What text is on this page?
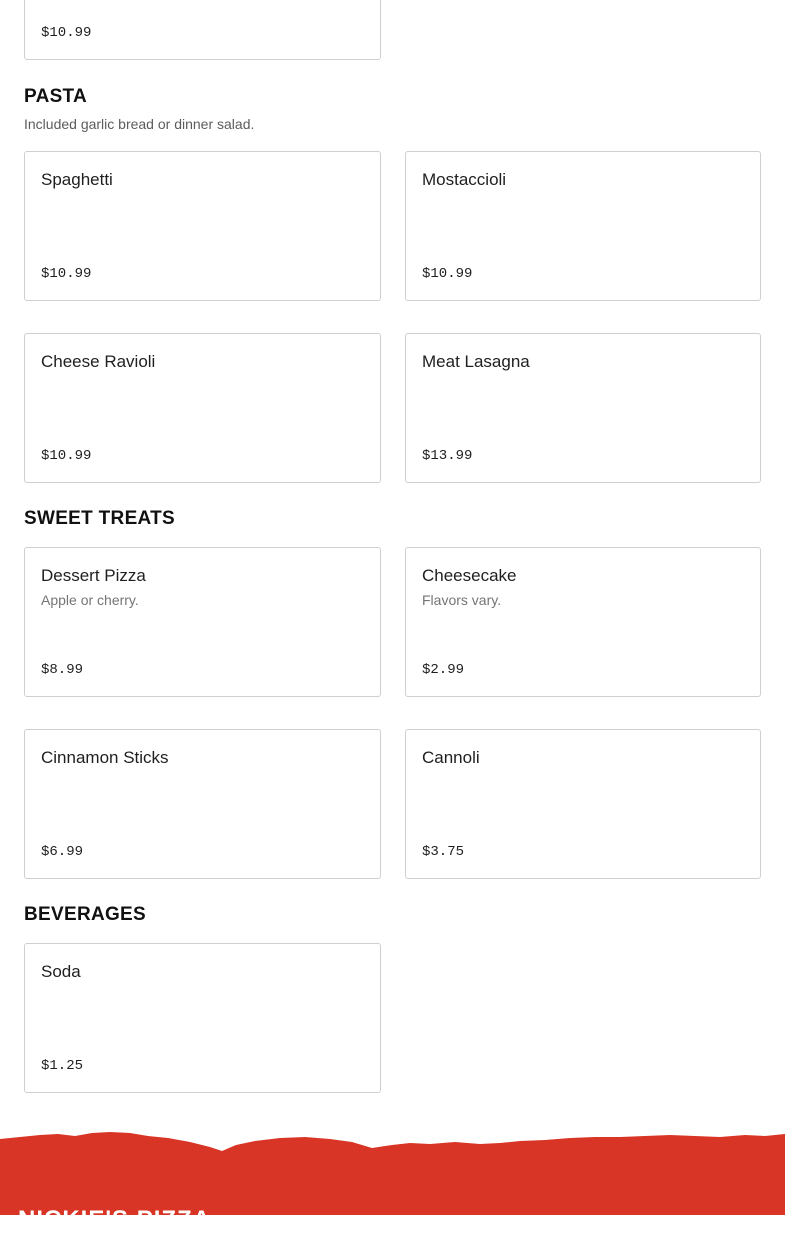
$10.99
PASTA
Included garlic bread or dinner salad.
Spaghetti
$10.99
Mostaccioli
$10.99
Cheese Ravioli
$10.99
Meat Lasagna
$13.99
SWEET TREATS
Dessert Pizza
Apple or cherry.
$8.99
Cheesecake
Flavors vary.
$2.99
Cinnamon Sticks
$6.99
Cannoli
$3.75
BEVERAGES
Soda
$1.25
NICKIE'S PIZZA
